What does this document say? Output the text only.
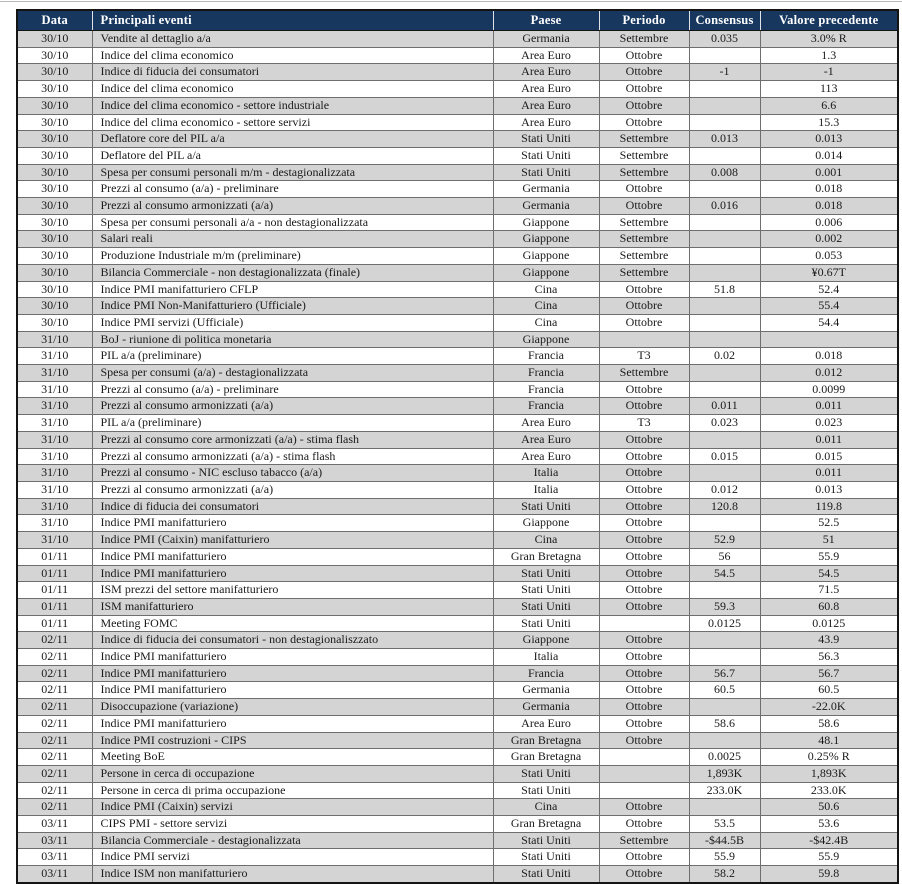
Data	Principali eventi	Paese	Periodo	Consensus	Valore precedente
30/10	Vendite al dettaglio a/a	Germania	Settembre	0.035	3.0% R
30/10	Indice del clima economico	Area Euro	Ottobre		1.3
30/10	Indice di fiducia dei consumatori	Area Euro	Ottobre	-1	-1
30/10	Indice del clima economico	Area Euro	Ottobre		113
30/10	Indice del clima economico - settore industriale	Area Euro	Ottobre		6.6
30/10	Indice del clima economico - settore servizi	Area Euro	Ottobre		15.3
30/10	Deflatore core del PIL a/a	Stati Uniti	Settembre	0.013	0.013
30/10	Deflatore del PIL a/a	Stati Uniti	Settembre		0.014
30/10	Spesa per consumi personali m/m - destagionalizzata	Stati Uniti	Settembre	0.008	0.001
30/10	Prezzi al consumo (a/a) - preliminare	Germania	Ottobre		0.018
30/10	Prezzi al consumo armonizzati (a/a)	Germania	Ottobre	0.016	0.018
30/10	Spesa per consumi personali a/a - non destagionalizzata	Giappone	Settembre		0.006
30/10	Salari reali	Giappone	Settembre		0.002
30/10	Produzione Industriale m/m (preliminare)	Giappone	Settembre		0.053
30/10	Bilancia Commerciale - non destagionalizzata (finale)	Giappone	Settembre		¥0.67T
30/10	Indice PMI manifatturiero CFLP	Cina	Ottobre	51.8	52.4
30/10	Indice PMI Non-Manifatturiero (Ufficiale)	Cina	Ottobre		55.4
30/10	Indice PMI servizi (Ufficiale)	Cina	Ottobre		54.4
31/10	BoJ - riunione di politica monetaria	Giappone			
31/10	PIL a/a (preliminare)	Francia	T3	0.02	0.018
31/10	Spesa per consumi (a/a) - destagionalizzata	Francia	Settembre		0.012
31/10	Prezzi al consumo (a/a) - preliminare	Francia	Ottobre		0.0099
31/10	Prezzi al consumo armonizzati (a/a)	Francia	Ottobre	0.011	0.011
31/10	PIL a/a (preliminare)	Area Euro	T3	0.023	0.023
31/10	Prezzi al consumo core armonizzati (a/a) - stima flash	Area Euro	Ottobre		0.011
31/10	Prezzi al consumo armonizzati (a/a) - stima flash	Area Euro	Ottobre	0.015	0.015
31/10	Prezzi al consumo - NIC escluso tabacco (a/a)	Italia	Ottobre		0.011
31/10	Prezzi al consumo armonizzati (a/a)	Italia	Ottobre	0.012	0.013
31/10	Indice di fiducia dei consumatori	Stati Uniti	Ottobre	120.8	119.8
31/10	Indice PMI manifatturiero	Giappone	Ottobre		52.5
31/10	Indice PMI (Caixin) manifatturiero	Cina	Ottobre	52.9	51
01/11	Indice PMI manifatturiero	Gran Bretagna	Ottobre	56	55.9
01/11	Indice PMI manifatturiero	Stati Uniti	Ottobre	54.5	54.5
01/11	ISM prezzi del settore manifatturiero	Stati Uniti	Ottobre		71.5
01/11	ISM manifatturiero	Stati Uniti	Ottobre	59.3	60.8
01/11	Meeting FOMC	Stati Uniti		0.0125	0.0125
02/11	Indice di fiducia dei consumatori - non destagionaliszzato	Giappone	Ottobre		43.9
02/11	Indice PMI manifatturiero	Italia	Ottobre		56.3
02/11	Indice PMI manifatturiero	Francia	Ottobre	56.7	56.7
02/11	Indice PMI manifatturiero	Germania	Ottobre	60.5	60.5
02/11	Disoccupazione (variazione)	Germania	Ottobre		-22.0K
02/11	Indice PMI manifatturiero	Area Euro	Ottobre	58.6	58.6
02/11	Indice PMI costruzioni - CIPS	Gran Bretagna	Ottobre		48.1
02/11	Meeting BoE	Gran Bretagna		0.0025	0.25% R
02/11	Persone in cerca di occupazione	Stati Uniti		1,893K	1,893K
02/11	Persone in cerca di prima occupazione	Stati Uniti		233.0K	233.0K
02/11	Indice PMI (Caixin) servizi	Cina	Ottobre		50.6
03/11	CIPS PMI - settore servizi	Gran Bretagna	Ottobre	53.5	53.6
03/11	Bilancia Commerciale - destagionalizzata	Stati Uniti	Settembre	-$44.5B	-$42.4B
03/11	Indice PMI servizi	Stati Uniti	Ottobre	55.9	55.9
03/11	Indice ISM non manifatturiero	Stati Uniti	Ottobre	58.2	59.8
